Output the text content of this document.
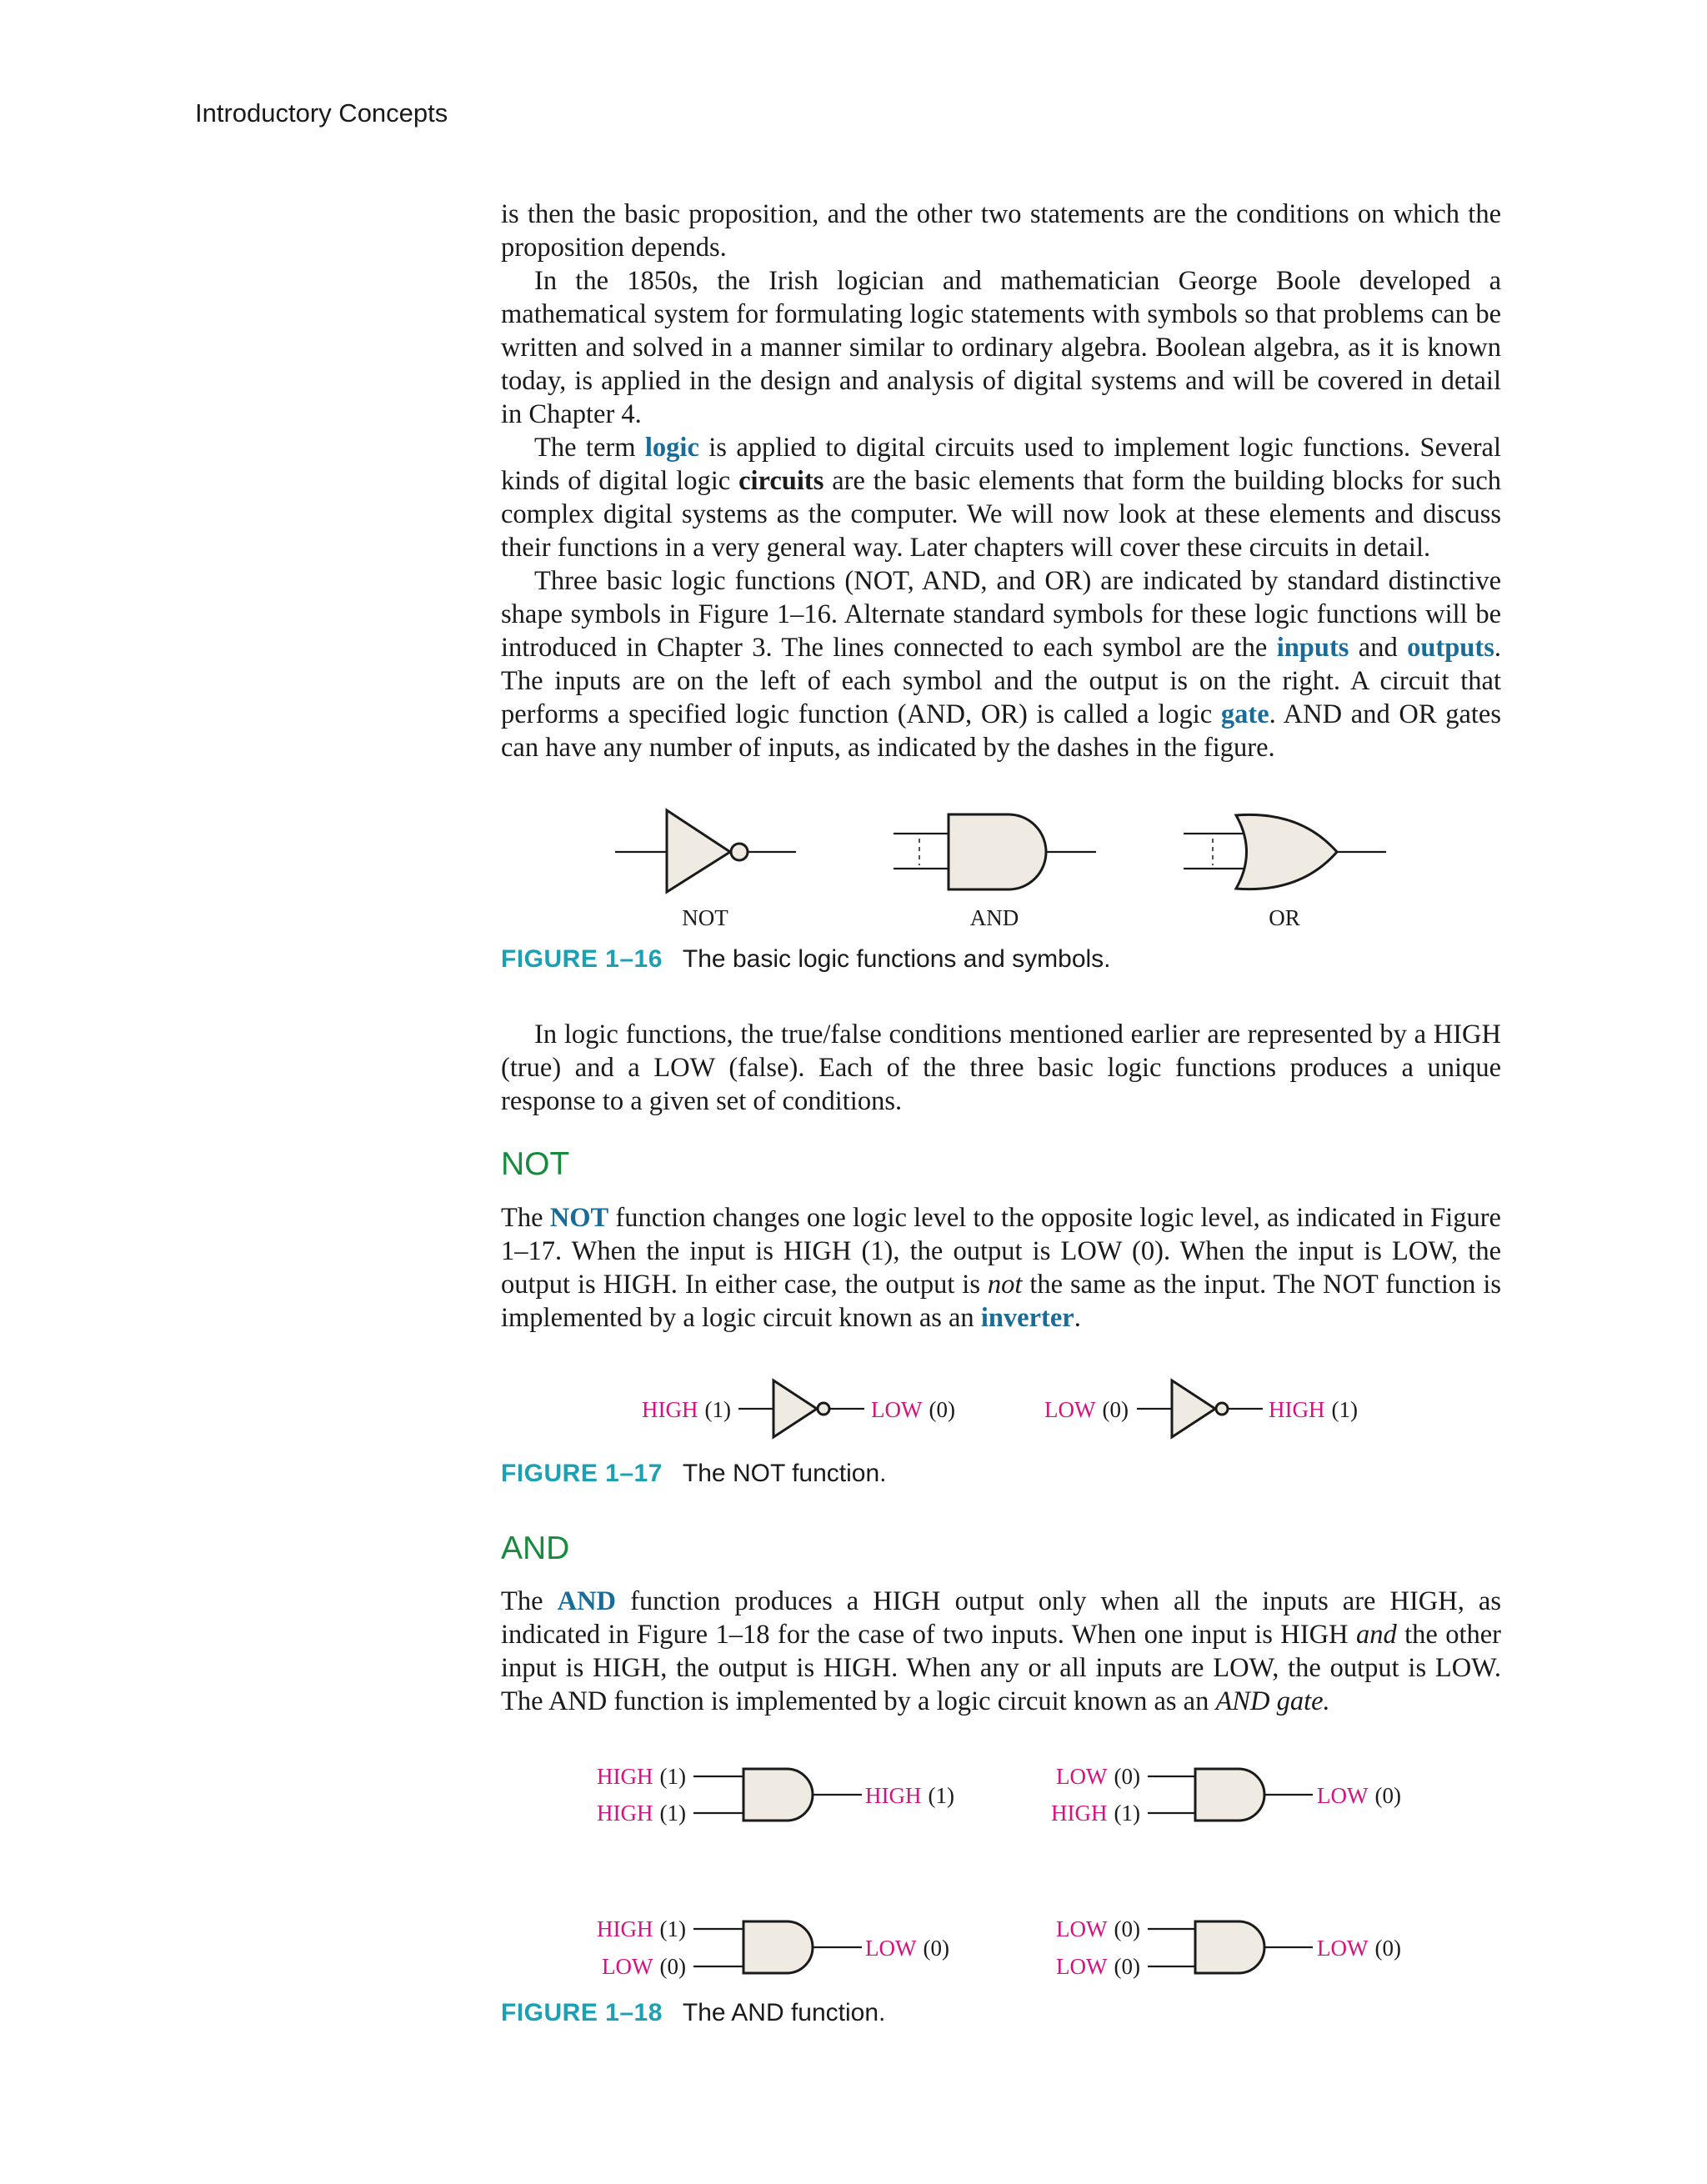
Introductory Concepts

is then the basic proposition, and the other two statements are the conditions on which the proposition depends.

In the 1850s, the Irish logician and mathematician George Boole developed a mathematical system for formulating logic statements with symbols so that problems can be written and solved in a manner similar to ordinary algebra. Boolean algebra, as it is known today, is applied in the design and analysis of digital systems and will be covered in detail in Chapter 4.

The term logic is applied to digital circuits used to implement logic functions. Several kinds of digital logic circuits are the basic elements that form the building blocks for such complex digital systems as the computer. We will now look at these elements and discuss their functions in a very general way. Later chapters will cover these circuits in detail.

Three basic logic functions (NOT, AND, and OR) are indicated by standard distinctive shape symbols in Figure 1–16. Alternate standard symbols for these logic functions will be introduced in Chapter 3. The lines connected to each symbol are the inputs and outputs. The inputs are on the left of each symbol and the output is on the right. A circuit that performs a specified logic function (AND, OR) is called a logic gate. AND and OR gates can have any number of inputs, as indicated by the dashes in the figure.

FIGURE 1–16 The basic logic functions and symbols.

In logic functions, the true/false conditions mentioned earlier are represented by a HIGH (true) and a LOW (false). Each of the three basic logic functions produces a unique response to a given set of conditions.

NOT

The NOT function changes one logic level to the opposite logic level, as indicated in Figure 1–17. When the input is HIGH (1), the output is LOW (0). When the input is LOW, the output is HIGH. In either case, the output is not the same as the input. The NOT function is implemented by a logic circuit known as an inverter.

FIGURE 1–17 The NOT function.
AND

The AND function produces a HIGH output only when all the inputs are HIGH, as indicated in Figure 1–18 for the case of two inputs. When one input is HIGH and the other input is HIGH, the output is HIGH. When any or all inputs are LOW, the output is LOW. The AND function is implemented by a logic circuit known as an AND gate.

FIGURE 1–18 The AND function.
NOT	AND	OR
HIGH (1)	LOW (0)	LOW (0)	HIGH (1)
HIGH (1)
HIGH (1)
HIGH (1)
LOW (0)
HIGH (1)
LOW (0)
HIGH (1)
LOW (0)
LOW (0)
LOW (0)
LOW (0)
LOW (0)
